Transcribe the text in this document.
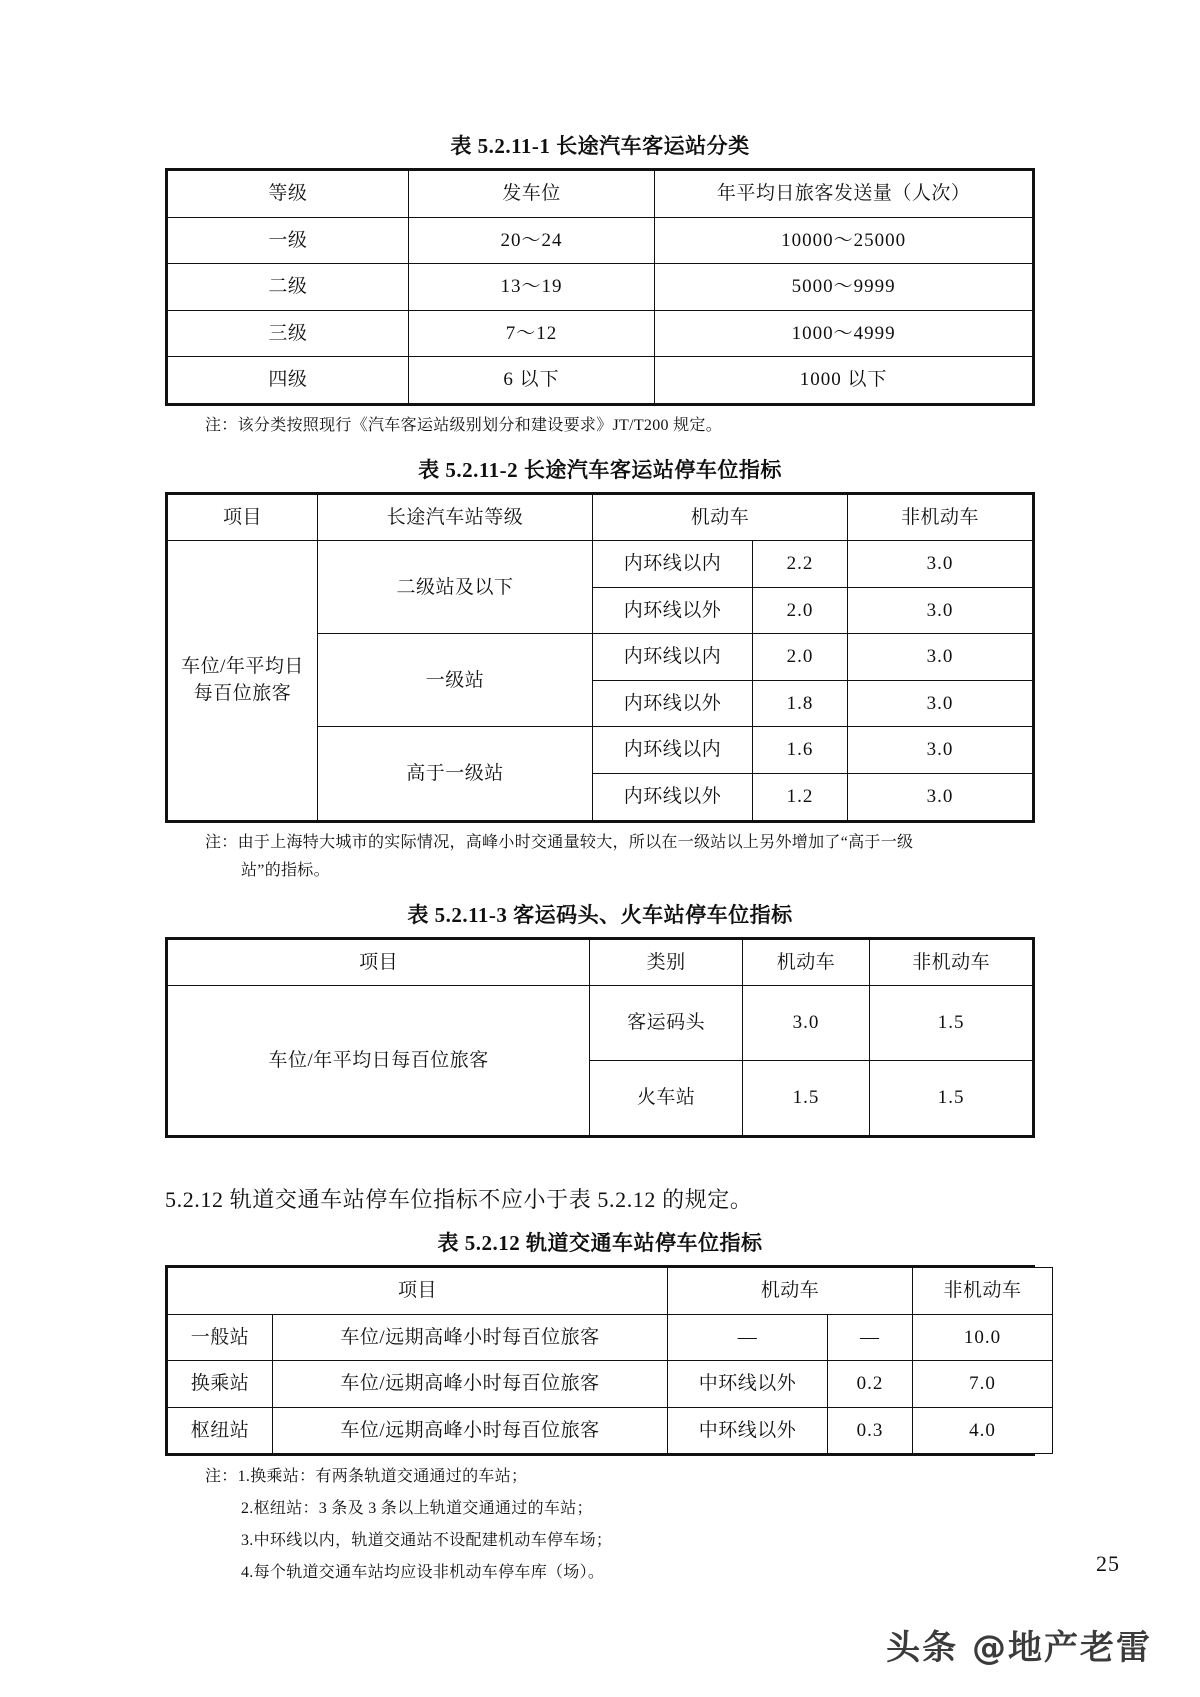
表 5.2.11-1 长途汽车客运站分类
等级	发车位	年平均日旅客发送量（人次）
一级	20～24	10000～25000
二级	13～19	5000～9999
三级	7～12	1000～4999
四级	6 以下	1000 以下
注：该分类按照现行《汽车客运站级别划分和建设要求》JT/T200 规定。
表 5.2.11-2 长途汽车客运站停车位指标
项目	长途汽车站等级	机动车		非机动车
车位/年平均日
每百位旅客	二级站及以下	内环线以内	2.2	3.0
		内环线以外	2.0	3.0
	一级站	内环线以内	2.0	3.0
		内环线以外	1.8	3.0
	高于一级站	内环线以内	1.6	3.0
		内环线以外	1.2	3.0
注：由于上海特大城市的实际情况，高峰小时交通量较大，所以在一级站以上另外增加了“高于一级
站”的指标。
表 5.2.11-3 客运码头、火车站停车位指标
项目	类别	机动车	非机动车
车位/年平均日每百位旅客	客运码头	3.0	1.5
	火车站	1.5	1.5
5.2.12 轨道交通车站停车位指标不应小于表 5.2.12 的规定。
表 5.2.12 轨道交通车站停车位指标
项目		机动车		非机动车
一般站	车位/远期高峰小时每百位旅客	—	—	10.0
换乘站	车位/远期高峰小时每百位旅客	中环线以外	0.2	7.0
枢纽站	车位/远期高峰小时每百位旅客	中环线以外	0.3	4.0
注：1.换乘站：有两条轨道交通通过的车站；
2.枢纽站：3 条及 3 条以上轨道交通通过的车站；
3.中环线以内，轨道交通站不设配建机动车停车场；
4.每个轨道交通车站均应设非机动车停车库（场）。	25
头条 @地产老雷
